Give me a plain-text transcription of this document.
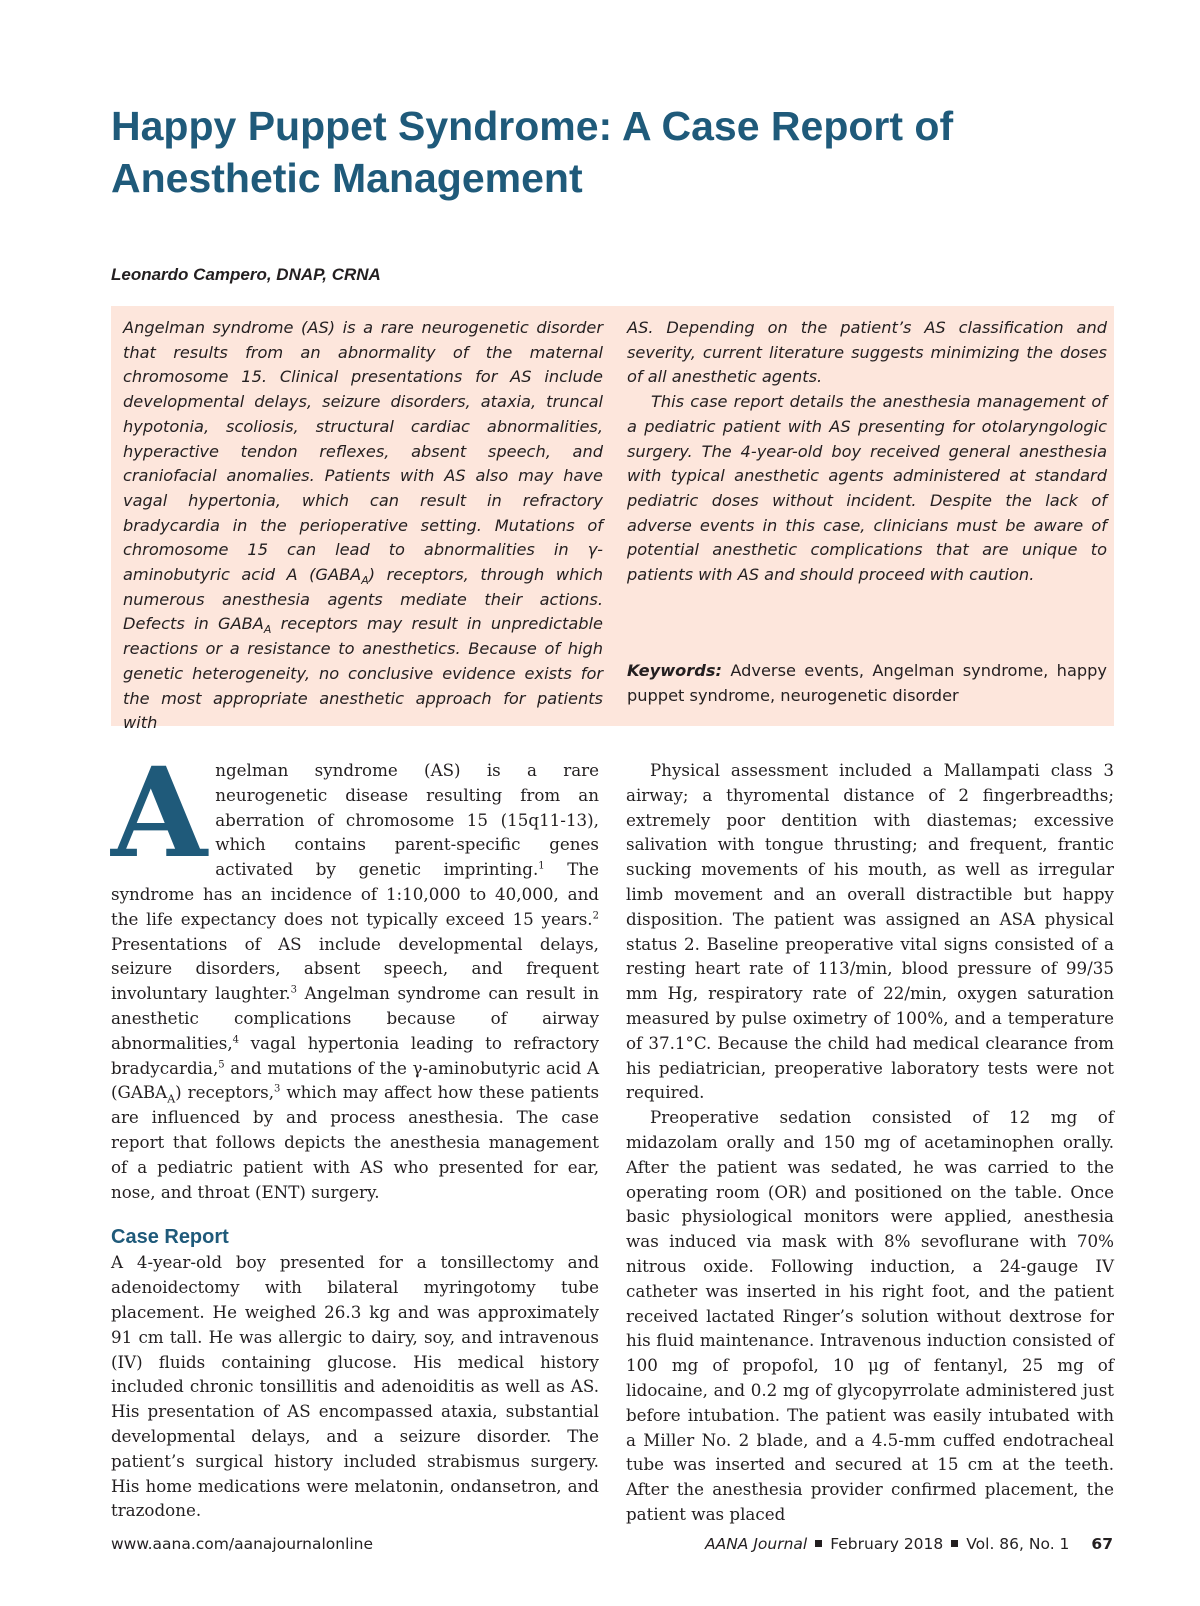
Happy Puppet Syndrome: A Case Report of
Anesthetic Management
Leonardo Campero, DNAP, CRNA

Angelman syndrome (AS) is a rare neurogenetic disorder that results from an abnormality of the maternal chromosome 15. Clinical presentations for AS include developmental delays, seizure disorders, ataxia, truncal hypotonia, scoliosis, structural cardiac abnormalities, hyperactive tendon reflexes, absent speech, and craniofacial anomalies. Patients with AS also may have vagal hypertonia, which can result in refractory bradycardia in the perioperative setting. Mutations of chromosome 15 can lead to abnormalities in γ-aminobutyric acid A $(GABA_A)$ receptors, through which numerous anesthesia agents mediate their actions. Defects in $GABA_A$ receptors may result in unpredictable reactions or a resistance to anesthetics. Because of high genetic heterogeneity, no conclusive evidence exists for the most appropriate anesthetic approach for patients with

AS. Depending on the patient’s AS classification and severity, current literature suggests minimizing the doses of all anesthetic agents.

This case report details the anesthesia management of a pediatric patient with AS presenting for otolaryngologic surgery. The 4-year-old boy received general anesthesia with typical anesthetic agents administered at standard pediatric doses without incident. Despite the lack of adverse events in this case, clinicians must be aware of potential anesthetic complications that are unique to patients with AS and should proceed with caution.

Keywords: Adverse events, Angelman syndrome, happy puppet syndrome, neurogenetic disorder

Angelman syndrome (AS) is a rare neurogenetic disease resulting from an aberration of chromosome 15 (15q11-13), which contains parent-specific genes activated by genetic imprinting.$^1$ The syndrome has an incidence of 1:10,000 to 40,000, and the life expectancy does not typically exceed 15 years.$^2$ Presentations of AS include developmental delays, seizure disorders, absent speech, and frequent involuntary laughter.$^3$ Angelman syndrome can result in anesthetic complications because of airway abnormalities,$^4$ vagal hypertonia leading to refractory bradycardia,$^5$ and mutations of the γ-aminobutyric acid A $(GABA_A)$ receptors,$^3$ which may affect how these patients are influenced by and process anesthesia. The case report that follows depicts the anesthesia management of a pediatric patient with AS who presented for ear, nose, and throat (ENT) surgery.

Case Report

A 4-year-old boy presented for a tonsillectomy and adenoidectomy with bilateral myringotomy tube placement. He weighed 26.3 kg and was approximately 91 cm tall. He was allergic to dairy, soy, and intravenous (IV) fluids containing glucose. His medical history included chronic tonsillitis and adenoiditis as well as AS. His presentation of AS encompassed ataxia, substantial developmental delays, and a seizure disorder. The patient’s surgical history included strabismus surgery. His home medications were melatonin, ondansetron, and trazodone.

Physical assessment included a Mallampati class 3 airway; a thyromental distance of 2 fingerbreadths; extremely poor dentition with diastemas; excessive salivation with tongue thrusting; and frequent, frantic sucking movements of his mouth, as well as irregular limb movement and an overall distractible but happy disposition. The patient was assigned an ASA physical status 2. Baseline preoperative vital signs consisted of a resting heart rate of 113/min, blood pressure of 99/35 mm Hg, respiratory rate of 22/min, oxygen saturation measured by pulse oximetry of 100%, and a temperature of 37.1°C. Because the child had medical clearance from his pediatrician, preoperative laboratory tests were not required.

Preoperative sedation consisted of 12 mg of midazolam orally and 150 mg of acetaminophen orally. After the patient was sedated, he was carried to the operating room (OR) and positioned on the table. Once basic physiological monitors were applied, anesthesia was induced via mask with 8% sevoflurane with 70% nitrous oxide. Following induction, a 24-gauge IV catheter was inserted in his right foot, and the patient received lactated Ringer’s solution without dextrose for his fluid maintenance. Intravenous induction consisted of 100 mg of propofol, 10 μg of fentanyl, 25 mg of lidocaine, and 0.2 mg of glycopyrrolate administered just before intubation. The patient was easily intubated with a Miller No. 2 blade, and a 4.5-mm cuffed endotracheal tube was inserted and secured at 15 cm at the teeth. After the anesthesia provider confirmed placement, the patient was placed

www.aana.com/aanajournalonline	AANA Journal February 2018 Vol. 86, No. 1 67
